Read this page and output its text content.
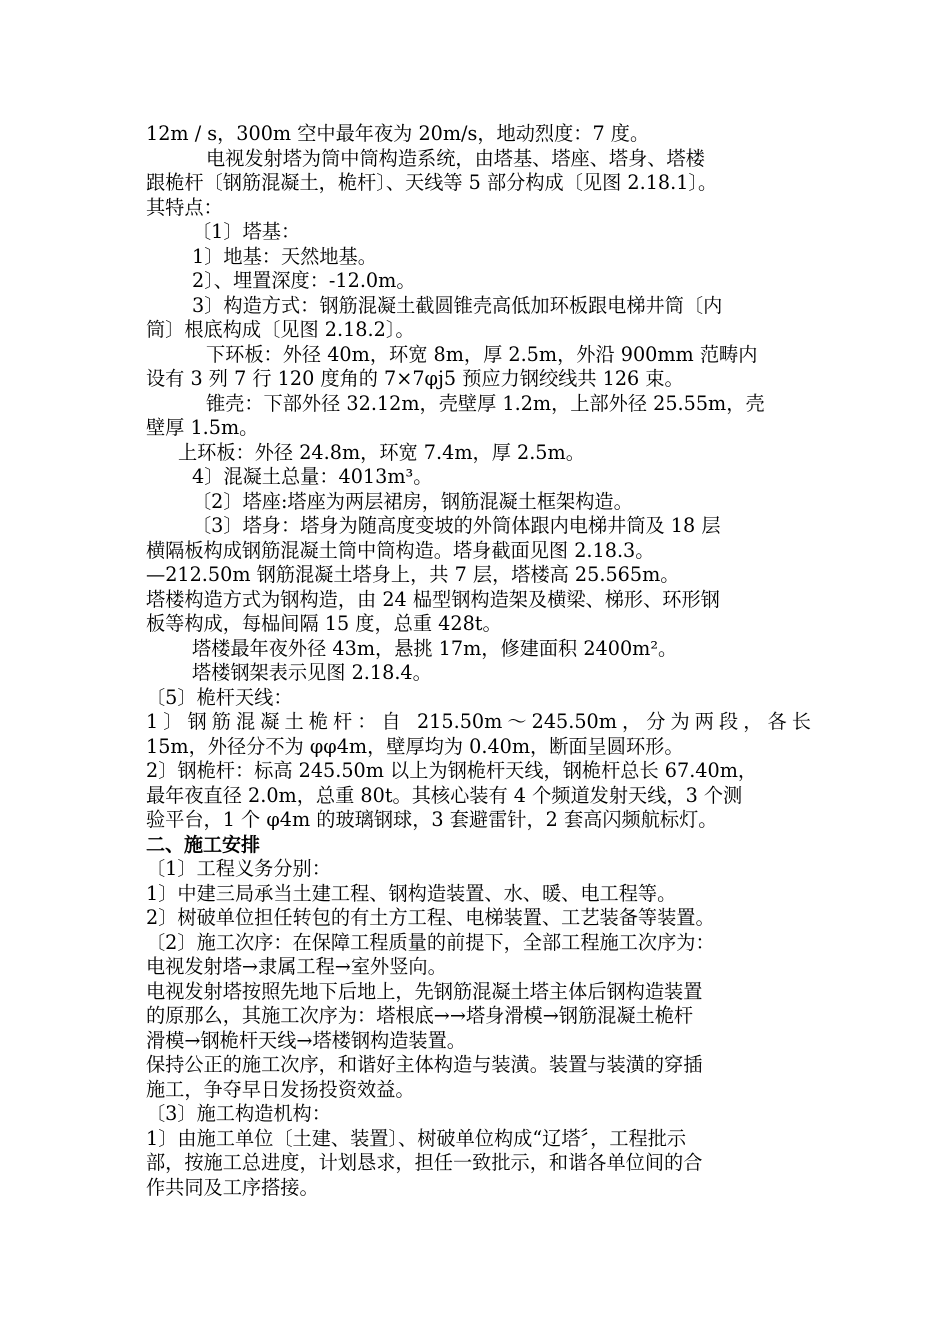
12m / s，300m 空中最年夜为 20m/s，地动烈度：7 度。
电视发射塔为筒中筒构造系统，由塔基、塔座、塔身、塔楼
跟桅杆〔钢筋混凝土，桅杆〕、天线等 5 部分构成〔见图 2.18.1〕。
其特点：
〔1〕塔基：
1〕地基：天然地基。
2〕、埋置深度：-12.0m。
3〕构造方式：钢筋混凝土截圆锥壳高低加环板跟电梯井筒〔内
筒〕根底构成〔见图 2.18.2〕。
下环板：外径 40m，环宽 8m，厚 2.5m，外沿 900mm 范畴内
设有 3 列 7 行 120 度角的 7×7φj5 预应力钢绞线共 126 束。
锥壳：下部外径 32.12m，壳壁厚 1.2m，上部外径 25.55m，壳
壁厚 1.5m。
上环板：外径 24.8m，环宽 7.4m，厚 2.5m。
4〕混凝土总量：4013m³。
〔2〕塔座:塔座为两层裙房，钢筋混凝土框架构造。
〔3〕塔身：塔身为随高度变坡的外筒体跟内电梯井筒及 18 层
横隔板构成钢筋混凝土筒中筒构造。塔身截面见图 2.18.3。
—212.50m 钢筋混凝土塔身上，共 7 层，塔楼高 25.565m。
塔楼构造方式为钢构造，由 24 榀型钢构造架及横梁、梯形、环形钢
板等构成，每榀间隔 15 度，总重 428t。
塔楼最年夜外径 43m，悬挑 17m，修建面积 2400m²。
塔楼钢架表示见图 2.18.4。
〔5〕桅杆天线：
1〕钢筋混凝土桅杆：自 215.50m～245.50m，分为两段，各长
15m，外径分不为 φφ4m，壁厚均为 0.40m，断面呈圆环形。
2〕钢桅杆：标高 245.50m 以上为钢桅杆天线，钢桅杆总长 67.40m，
最年夜直径 2.0m，总重 80t。其核心装有 4 个频道发射天线，3 个测
验平台，1 个 φ4m 的玻璃钢球，3 套避雷针，2 套高闪频航标灯。
二、施工安排
〔1〕工程义务分别：
1〕中建三局承当土建工程、钢构造装置、水、暖、电工程等。
2〕树破单位担任转包的有土方工程、电梯装置、工艺装备等装置。
〔2〕施工次序：在保障工程质量的前提下，全部工程施工次序为：
电视发射塔→隶属工程→室外竖向。
电视发射塔按照先地下后地上，先钢筋混凝土塔主体后钢构造装置
的原那么，其施工次序为：塔根底→→塔身滑模→钢筋混凝土桅杆
滑模→钢桅杆天线→塔楼钢构造装置。
保持公正的施工次序，和谐好主体构造与装潢。装置与装潢的穿插
施工，争夺早日发扬投资效益。
〔3〕施工构造机构：
1〕由施工单位〔土建、装置〕、树破单位构成“辽塔〞，工程批示
部，按施工总进度，计划恳求，担任一致批示，和谐各单位间的合
作共同及工序搭接。
